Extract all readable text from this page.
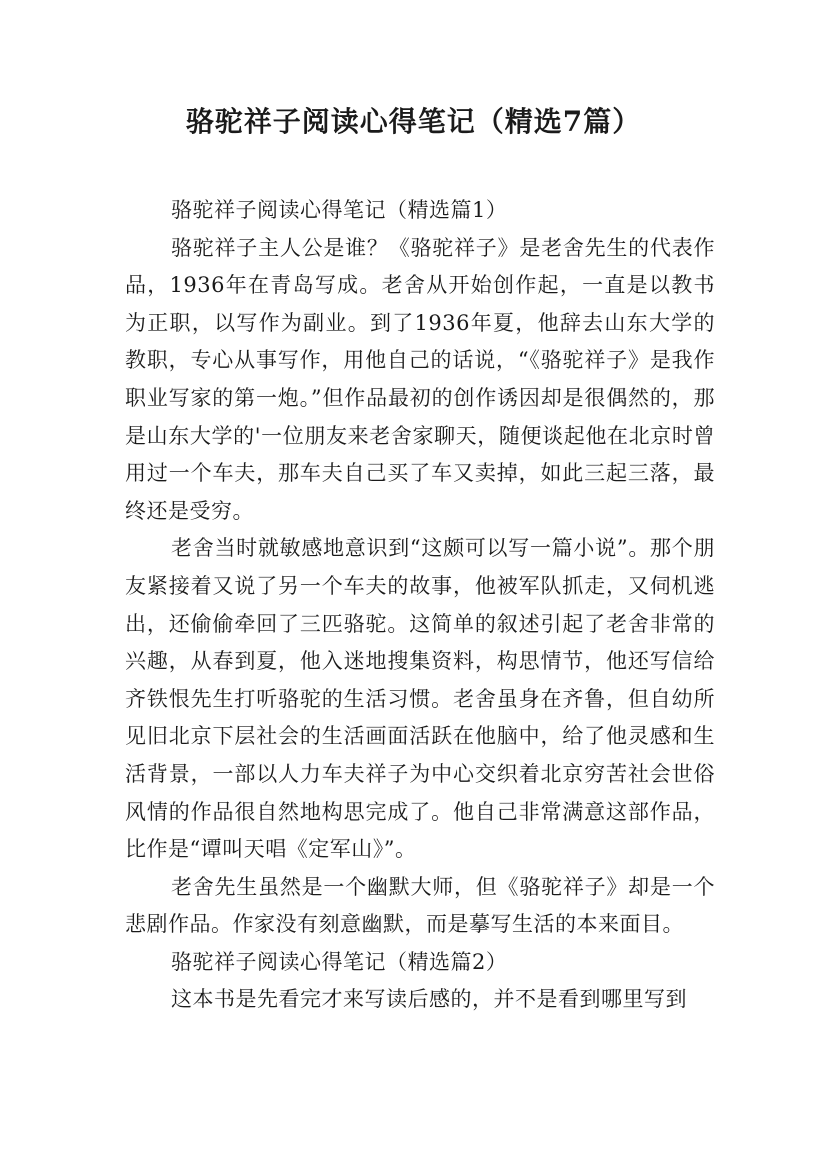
骆驼祥子阅读心得笔记（精选7篇）

骆驼祥子阅读心得笔记（精选篇1）

骆驼祥子主人公是谁？《骆驼祥子》是老舍先生的代表作品，1936年在青岛写成。老舍从开始创作起，一直是以教书为正职，以写作为副业。到了1936年夏，他辞去山东大学的教职，专心从事写作，用他自己的话说，“《骆驼祥子》是我作职业写家的第一炮。”但作品最初的创作诱因却是很偶然的，那是山东大学的'一位朋友来老舍家聊天，随便谈起他在北京时曾用过一个车夫，那车夫自己买了车又卖掉，如此三起三落，最终还是受穷。

老舍当时就敏感地意识到“这颇可以写一篇小说”。那个朋友紧接着又说了另一个车夫的故事，他被军队抓走，又伺机逃出，还偷偷牵回了三匹骆驼。这简单的叙述引起了老舍非常的兴趣，从春到夏，他入迷地搜集资料，构思情节，他还写信给齐铁恨先生打听骆驼的生活习惯。老舍虽身在齐鲁，但自幼所见旧北京下层社会的生活画面活跃在他脑中，给了他灵感和生活背景，一部以人力车夫祥子为中心交织着北京穷苦社会世俗风情的作品很自然地构思完成了。他自己非常满意这部作品，比作是“谭叫天唱《定军山》”。

老舍先生虽然是一个幽默大师，但《骆驼祥子》却是一个悲剧作品。作家没有刻意幽默，而是摹写生活的本来面目。

骆驼祥子阅读心得笔记（精选篇2）

这本书是先看完才来写读后感的，并不是看到哪里写到
